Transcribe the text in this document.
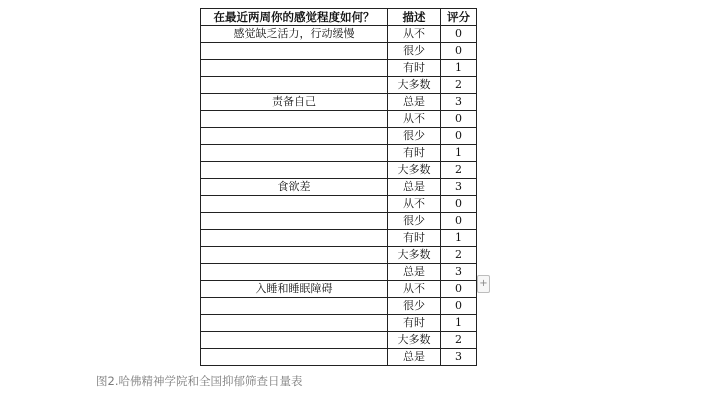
在最近两周你的感觉程度如何？	描述	评分
感觉缺乏活力，行动缓慢	从不	0
	很少	0
	有时	1
	大多数	2
责备自己	总是	3
	从不	0
	很少	0
	有时	1
	大多数	2
食欲差	总是	3
	从不	0
	很少	0
	有时	1
	大多数	2
	总是	3
入睡和睡眠障碍	从不	0
	很少	0
	有时	1
	大多数	2
	总是	3
+
图2.哈佛精神学院和全国抑郁筛查日量表
